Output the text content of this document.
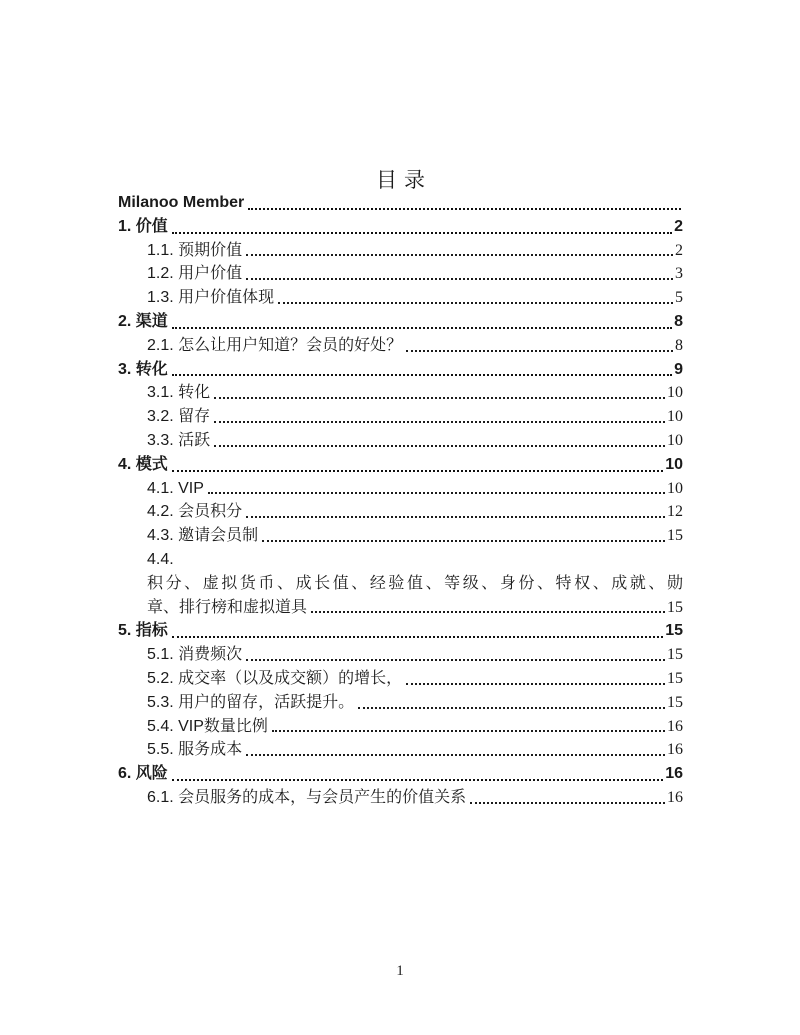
目录
Milanoo Member
1. 价值	2
1.1. 预期价值	2
1.2. 用户价值	3
1.3. 用户价值体现	5
2. 渠道	8
2.1. 怎么让用户知道？会员的好处？	8
3. 转化	9
3.1. 转化	10
3.2. 留存	10
3.3. 活跃	10
4. 模式	10
4.1. VIP	10
4.2. 会员积分	12
4.3. 邀请会员制	15
4.4.
积分、虚拟货币、成长值、经验值、等级、身份、特权、成就、勋
章、排行榜和虚拟道具	15
5. 指标	15
5.1. 消费频次	15
5.2. 成交率（以及成交额）的增长，	15
5.3. 用户的留存，活跃提升。	15
5.4. VIP数量比例	16
5.5. 服务成本	16
6. 风险	16
6.1. 会员服务的成本，与会员产生的价值关系	16
1
